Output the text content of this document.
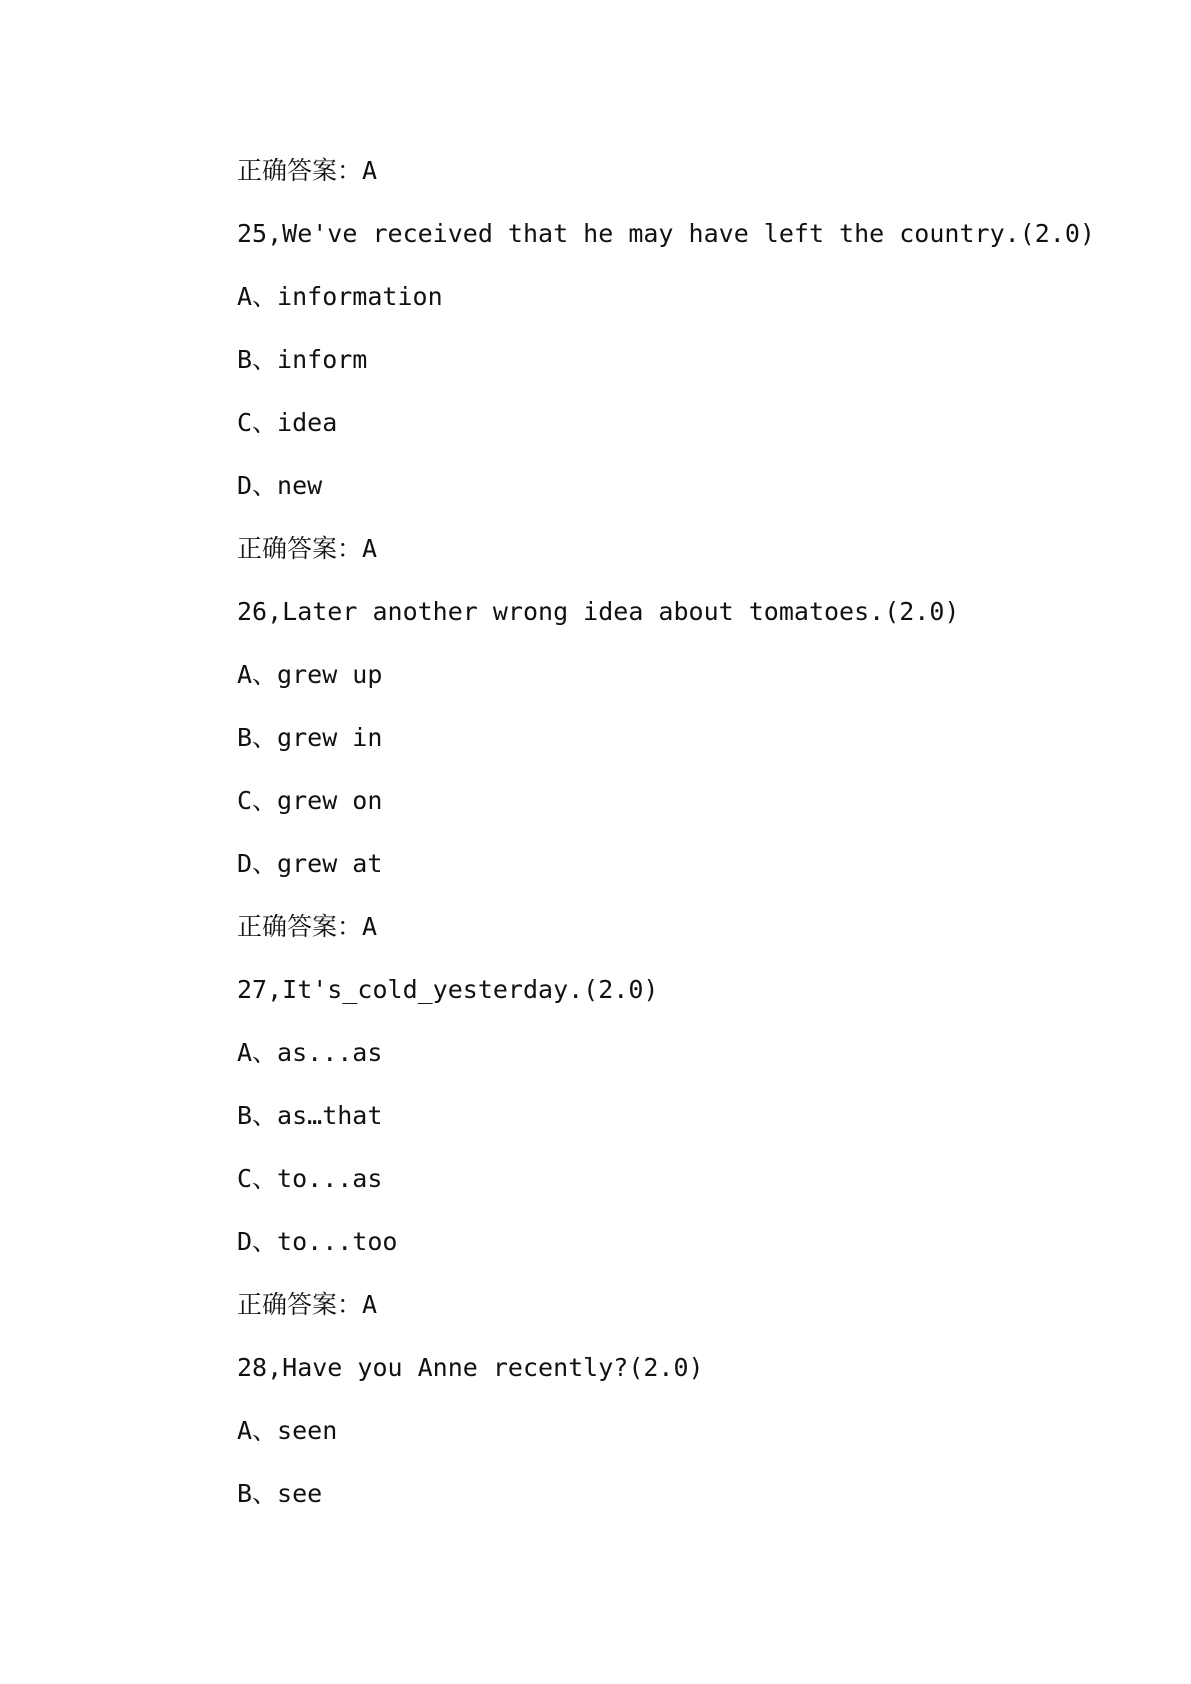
正确答案：A
25,We've received that he may have left the country.(2.0)
A、information
B、inform
C、idea
D、new
正确答案：A
26,Later another wrong idea about tomatoes.(2.0)
A、grew up
B、grew in
C、grew on
D、grew at
正确答案：A
27,It's_cold_yesterday.(2.0)
A、as...as
B、as…that
C、to...as
D、to...too
正确答案：A
28,Have you Anne recently?(2.0)
A、seen
B、see
